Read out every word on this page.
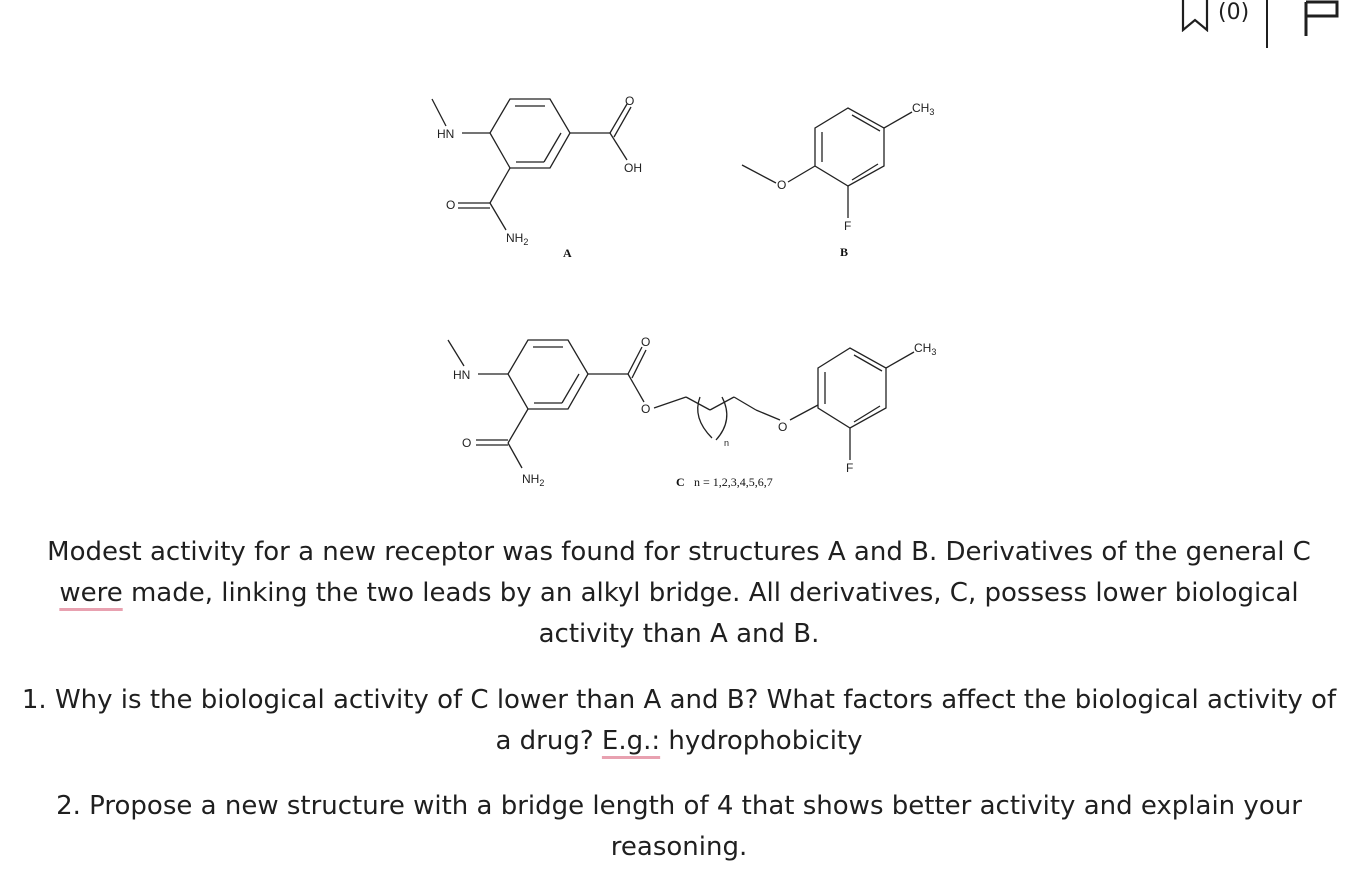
(0)
HN
O
$NH_2$
O
OH
A
O
F
$CH_3$
B
HN
O
$NH_2$
O
O
n
O
F
$CH_3$
C n = 1,2,3,4,5,6,7

Modest activity for a new receptor was found for structures A and B. Derivatives of the general C
were made, linking the two leads by an alkyl bridge. All derivatives, C, possess lower biological activity than A and B.

1. Why is the biological activity of C lower than A and B? What factors affect the biological activity of a drug? E.g.: hydrophobicity

2. Propose a new structure with a bridge length of 4 that shows better activity and explain your reasoning.
